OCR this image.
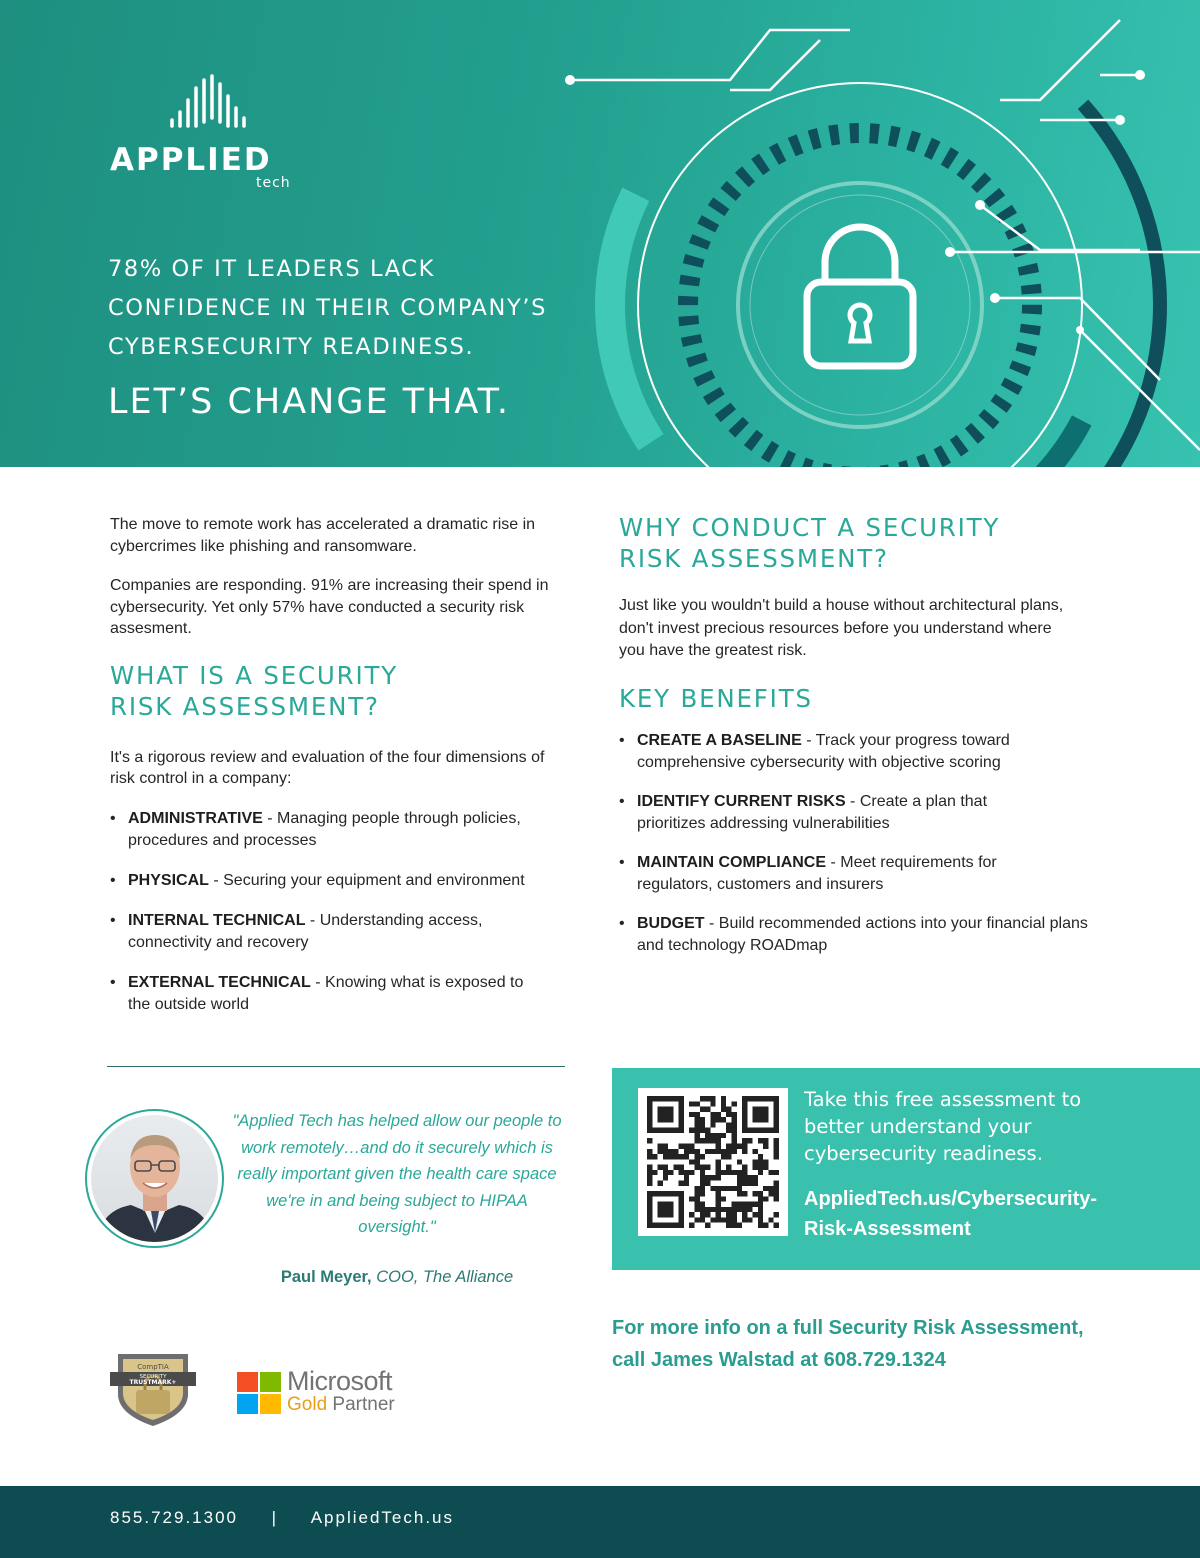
APPLIED
tech
78% OF IT LEADERS LACK
CONFIDENCE IN THEIR COMPANY’S
CYBERSECURITY READINESS.
LET’S CHANGE THAT.

The move to remote work has accelerated a dramatic rise in cybercrimes like phishing and ransomware.

Companies are responding. 91% are increasing their spend in cybersecurity. Yet only 57% have conducted a security risk assesment.

WHAT IS A SECURITY
RISK ASSESSMENT?

It's a rigorous review and evaluation of the four dimensions of risk control in a company:

• ADMINISTRATIVE - Managing people through policies, procedures and processes
• PHYSICAL - Securing your equipment and environment
• INTERNAL TECHNICAL - Understanding access, connectivity and recovery
• EXTERNAL TECHNICAL - Knowing what is exposed to the outside world
WHY CONDUCT A SECURITY
RISK ASSESSMENT?

Just like you wouldn't build a house without architectural plans, don't invest precious resources before you understand where you have the greatest risk.

KEY BENEFITS
• CREATE A BASELINE - Track your progress toward comprehensive cybersecurity with objective scoring
• IDENTIFY CURRENT RISKS - Create a plan that prioritizes addressing vulnerabilities
• MAINTAIN COMPLIANCE - Meet requirements for regulators, customers and insurers
• BUDGET - Build recommended actions into your financial plans and technology ROADmap
"Applied Tech has helped allow our people to work remotely…and do it securely which is really important given the health care space we're in and being subject to HIPAA oversight."
Paul Meyer, COO, The Alliance
CompTIA
SECURITY
TRUSTMARK+	Microsoft
Gold Partner
Take this free assessment to better understand your cybersecurity readiness.
AppliedTech.us/Cybersecurity-
Risk-Assessment
For more info on a full Security Risk Assessment,
call James Walstad at 608.729.1324
855.729.1300     |     AppliedTech.us
